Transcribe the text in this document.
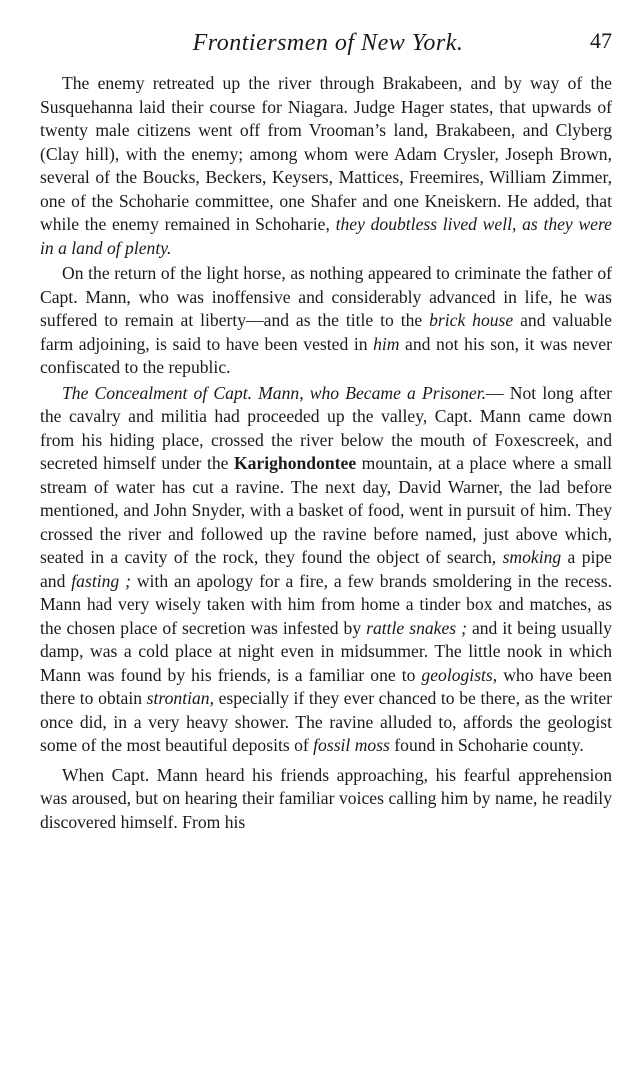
Frontiersmen of New York.	47

The enemy retreated up the river through Brakabeen, and by way of the Susquehanna laid their course for Niagara. Judge Hager states, that upwards of twenty male citizens went off from Vrooman’s land, Brakabeen, and Clyberg (Clay hill), with the enemy; among whom were Adam Crysler, Joseph Brown, several of the Boucks, Beckers, Keysers, Mattices, Freemires, William Zimmer, one of the Schoharie committee, one Shafer and one Kneiskern. He added, that while the enemy remained in Schoharie, they doubtless lived well, as they were in a land of plenty.

On the return of the light horse, as nothing appeared to criminate the father of Capt. Mann, who was inoffensive and considerably advanced in life, he was suffered to remain at liberty—and as the title to the brick house and valuable farm adjoining, is said to have been vested in him and not his son, it was never confiscated to the republic.

The Concealment of Capt. Mann, who Became a Prisoner.— Not long after the cavalry and militia had proceeded up the valley, Capt. Mann came down from his hiding place, crossed the river below the mouth of Foxescreek, and secreted himself under the Karighondontee mountain, at a place where a small stream of water has cut a ravine. The next day, David Warner, the lad before mentioned, and John Snyder, with a basket of food, went in pursuit of him. They crossed the river and followed up the ravine before named, just above which, seated in a cavity of the rock, they found the object of search, smoking a pipe and fasting ; with an apology for a fire, a few brands smoldering in the recess. Mann had very wisely taken with him from home a tinder box and matches, as the chosen place of secretion was infested by rattle snakes ; and it being usually damp, was a cold place at night even in midsummer. The little nook in which Mann was found by his friends, is a familiar one to geologists, who have been there to obtain strontian, especially if they ever chanced to be there, as the writer once did, in a very heavy shower. The ravine alluded to, affords the geologist some of the most beautiful deposits of fossil moss found in Schoharie county.

When Capt. Mann heard his friends approaching, his fearful apprehension was aroused, but on hearing their familiar voices calling him by name, he readily discovered himself. From his
